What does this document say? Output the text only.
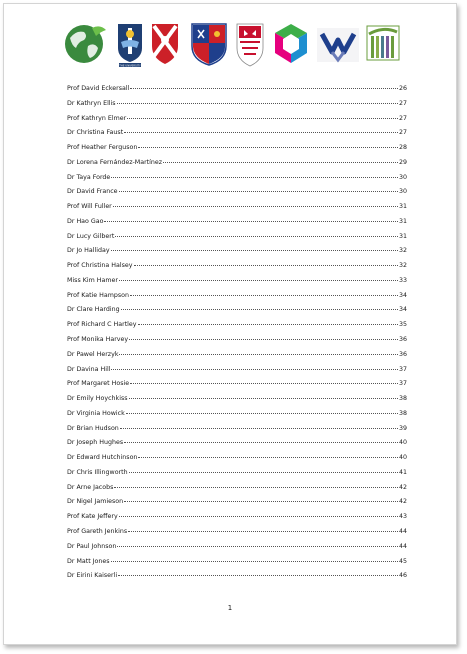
THE UNIVERSITY
Prof David Eckersall	26
Dr Kathryn Ellis	27
Prof Kathryn Elmer	27
Dr Christina Faust	27
Prof Heather Ferguson	28
Dr Lorena Fernández-Martínez	29
Dr Taya Forde	30
Dr David France	30
Prof Will Fuller	31
Dr Hao Gao	31
Dr Lucy Gilbert	31
Dr Jo Halliday	32
Prof Christina Halsey	32
Miss Kim Hamer	33
Prof Katie Hampson	34
Dr Clare Harding	34
Prof Richard C Hartley	35
Prof Monika Harvey	36
Dr Pawel Herzyk	36
Dr Davina Hill	37
Prof Margaret Hosie	37
Dr Emily Hoychkiss	38
Dr Virginia Howick	38
Dr Brian Hudson	39
Dr Joseph Hughes	40
Dr Edward Hutchinson	40
Dr Chris Illingworth	41
Dr Arne Jacobs	42
Dr Nigel Jamieson	42
Prof Kate Jeffery	43
Prof Gareth Jenkins	44
Dr Paul Johnson	44
Dr Matt Jones	45
Dr Eirini Kaiserli	46
1
